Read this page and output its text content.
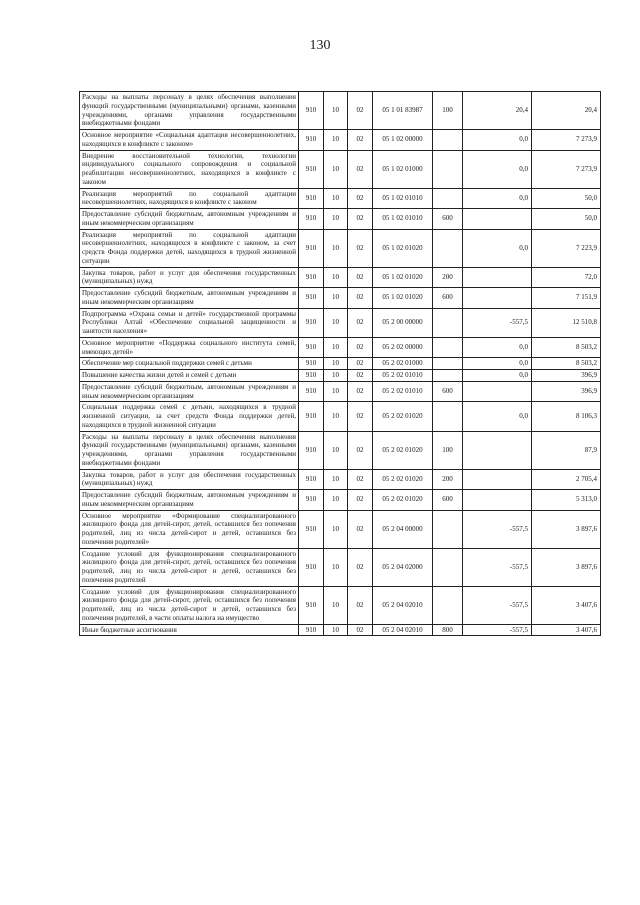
130
Расходы на выплаты персоналу в целях обеспечения выполнения функций государственными (муниципальными) органами, казенными учреждениями, органами управления государственными внебюджетными фондами	910	10	02	05 1 01 83987	100	20,4	20,4
Основное мероприятие «Социальная адаптация несовершеннолетних, находящихся в конфликте с законом»	910	10	02	05 1 02 00000		0,0	7 273,9
Внедрение восстановительной технологии, технологии индивидуального социального сопровождения и социальной реабилитации несовершеннолетних, находящихся в конфликте с законом	910	10	02	05 1 02 01000		0,0	7 273,9
Реализация мероприятий по социальной адаптации несовершеннолетних, находящихся в конфликте с законом	910	10	02	05 1 02 01010		0,0	50,0
Предоставление субсидий бюджетным, автономным учреждениям и иным некоммерческим организациям	910	10	02	05 1 02 01010	600		50,0
Реализация мероприятий по социальной адаптации несовершеннолетних, находящихся в конфликте с законом, за счет средств Фонда поддержки детей, находящихся в трудной жизненной ситуации	910	10	02	05 1 02 01020		0,0	7 223,9
Закупка товаров, работ и услуг для обеспечения государственных (муниципальных) нужд	910	10	02	05 1 02 01020	200		72,0
Предоставление субсидий бюджетным, автономным учреждениям и иным некоммерческим организациям	910	10	02	05 1 02 01020	600		7 151,9
Подпрограмма «Охрана семьи и детей» государственной программы Республики Алтай «Обеспечение социальной защищенности и занятости населения»	910	10	02	05 2 00 00000		-557,5	12 510,8
Основное мероприятие «Поддержка социального института семей, имеющих детей»	910	10	02	05 2 02 00000		0,0	8 503,2
Обеспечение мер социальной поддержки семей с детьми	910	10	02	05 2 02 01000		0,0	8 503,2
Повышение качества жизни детей и семей с детьми	910	10	02	05 2 02 01010		0,0	396,9
Предоставление субсидий бюджетным, автономным учреждениям и иным некоммерческим организациям	910	10	02	05 2 02 01010	600		396,9
Социальная поддержка семей с детьми, находящихся в трудной жизненной ситуации, за счет средств Фонда поддержки детей, находящихся в трудной жизненной ситуации	910	10	02	05 2 02 01020		0,0	8 106,3
Расходы на выплаты персоналу в целях обеспечения выполнения функций государственными (муниципальными) органами, казенными учреждениями, органами управления государственными внебюджетными фондами	910	10	02	05 2 02 01020	100		87,9
Закупка товаров, работ и услуг для обеспечения государственных (муниципальных) нужд	910	10	02	05 2 02 01020	200		2 705,4
Предоставление субсидий бюджетным, автономным учреждениям и иным некоммерческим организациям	910	10	02	05 2 02 01020	600		5 313,0
Основное мероприятие «Формирование специализированного жилищного фонда для детей-сирот, детей, оставшихся без попечения родителей, лиц из числа детей-сирот и детей, оставшихся без попечения родителей»	910	10	02	05 2 04 00000		-557,5	3 897,6
Создание условий для функционирования специализированного жилищного фонда для детей-сирот, детей, оставшихся без попечения родителей, лиц из числа детей-сирот и детей, оставшихся без попечения родителей	910	10	02	05 2 04 02000		-557,5	3 897,6
Создание условий для функционирования специализированного жилищного фонда для детей-сирот, детей, оставшихся без попечения родителей, лиц из числа детей-сирот и детей, оставшихся без попечения родителей, в части оплаты налога на имущество	910	10	02	05 2 04 02010		-557,5	3 407,6
Иные бюджетные ассигнования	910	10	02	05 2 04 02010	800	-557,5	3 407,6
